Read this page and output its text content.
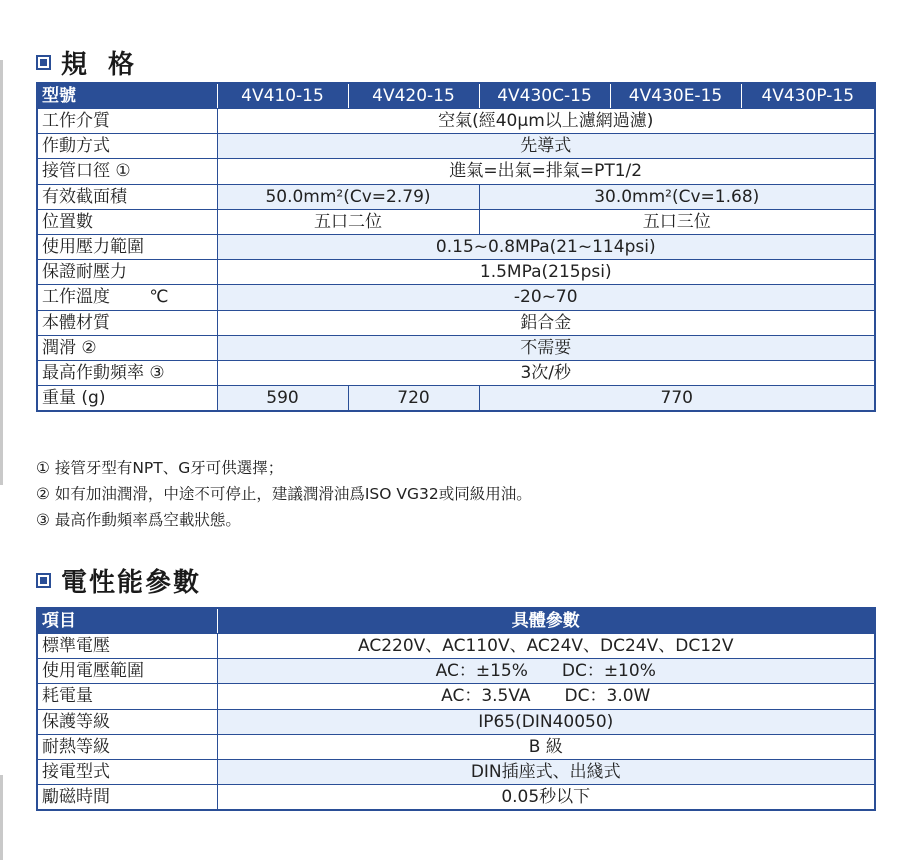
規 格
型號	4V410-15	4V420-15	4V430C-15	4V430E-15	4V430P-15
工作介質	空氣(經40μm以上濾網過濾)				
作動方式	先導式				
接管口徑 ①	進氣=出氣=排氣=PT1/2				
有效截面積	50.0mm²(Cv=2.79)		30.0mm²(Cv=1.68)		
位置數	五口二位		五口三位		
使用壓力範圍	0.15~0.8MPa(21~114psi)				
保證耐壓力	1.5MPa(215psi)				
工作溫度 ℃	-20~70				
本體材質	鋁合金				
潤滑 ②	不需要				
最高作動頻率 ③	3次/秒				
重量 (g)	590	720	770		
① 接管牙型有NPT、G牙可供選擇；
② 如有加油潤滑，中途不可停止，建議潤滑油爲ISO VG32或同級用油。
③ 最高作動頻率爲空載狀態。
電性能參數
項目	具體參數
標準電壓	AC220V、AC110V、AC24V、DC24V、DC12V
使用電壓範圍	AC：±15%　　DC：±10%
耗電量	AC：3.5VA　　DC：3.0W
保護等級	IP65(DIN40050)
耐熱等級	B 級
接電型式	DIN插座式、出綫式
勵磁時間	0.05秒以下
